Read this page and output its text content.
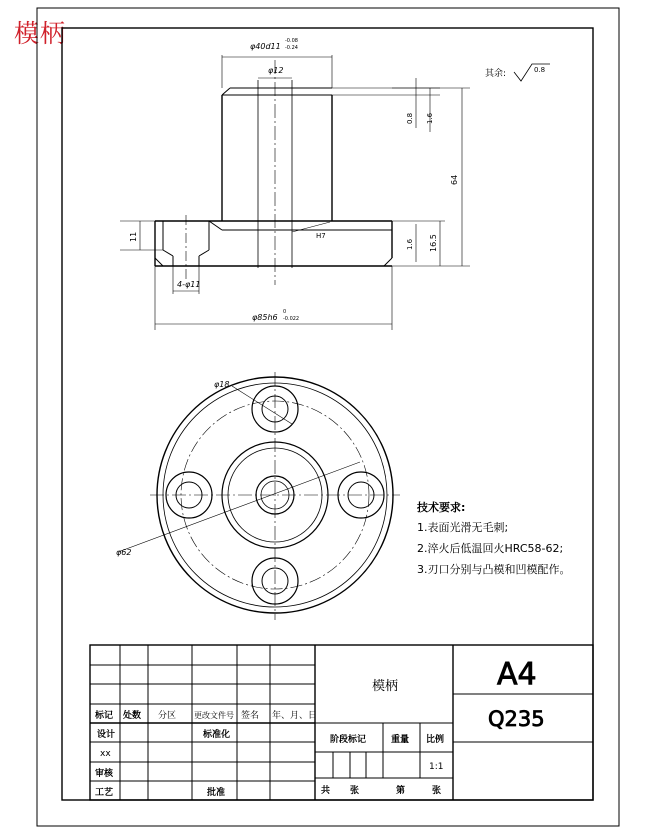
模柄	φ40d11
-0.08
-0.24
φ12
φ85h6
0
-0.022
4-φ11
64
16.5
11
0.8 1.6
1.6
H7
其余:	0.8
φ18
φ62
技术要求:
1.表面光滑无毛刺;
2.淬火后低温回火HRC58-62;
3.刃口分别与凸模和凹模配作。
标记 处数 分区 更改文件号 签名 年、月、日
设计	标准化
xx
审核
工艺	批准
模柄
阶段标记	重量 比例
1:1
共 张	第	张
A4
Q235
